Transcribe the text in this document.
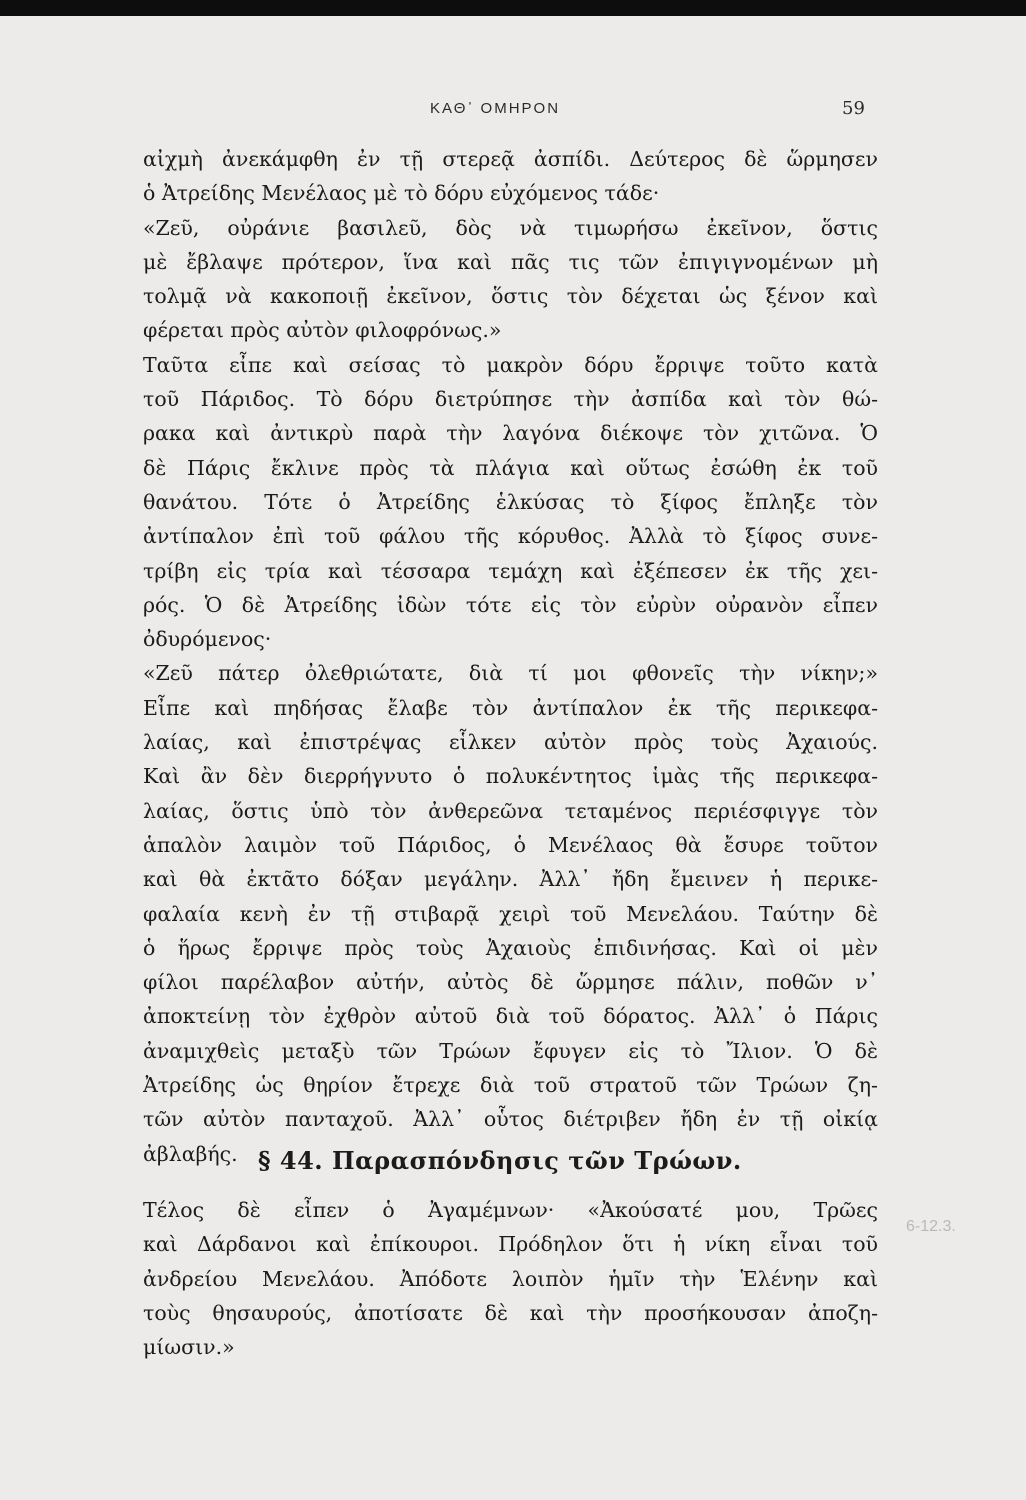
ΚΑΘ᾿ ΟΜΗΡΟΝ	59
αἰχμὴ ἀνεκάμφθη ἐν τῇ στερεᾷ ἀσπίδι. Δεύτερος δὲ ὥρμησεν
ὁ Ἀτρείδης Μενέλαος μὲ τὸ δόρυ εὐχόμενος τάδε·
«Ζεῦ, οὐράνιε βασιλεῦ, δὸς νὰ τιμωρήσω ἐκεῖνον, ὅστις
μὲ ἔβλαψε πρότερον, ἵνα καὶ πᾶς τις τῶν ἐπιγιγνομένων μὴ
τολμᾷ νὰ κακοποιῇ ἐκεῖνον, ὅστις τὸν δέχεται ὡς ξένον καὶ
φέρεται πρὸς αὐτὸν φιλοφρόνως.»
Ταῦτα εἶπε καὶ σείσας τὸ μακρὸν δόρυ ἔρριψε τοῦτο κατὰ
τοῦ Πάριδος. Τὸ δόρυ διετρύπησε τὴν ἀσπίδα καὶ τὸν θώ-
ρακα καὶ ἀντικρὺ παρὰ τὴν λαγόνα διέκοψε τὸν χιτῶνα. Ὁ
δὲ Πάρις ἔκλινε πρὸς τὰ πλάγια καὶ οὕτως ἐσώθη ἐκ τοῦ
θανάτου. Τότε ὁ Ἀτρείδης ἑλκύσας τὸ ξίφος ἔπληξε τὸν
ἀντίπαλον ἐπὶ τοῦ φάλου τῆς κόρυθος. Ἀλλὰ τὸ ξίφος συνε-
τρίβη εἰς τρία καὶ τέσσαρα τεμάχη καὶ ἐξέπεσεν ἐκ τῆς χει-
ρός. Ὁ δὲ Ἀτρείδης ἰδὼν τότε εἰς τὸν εὐρὺν οὐρανὸν εἶπεν
ὀδυρόμενος·
«Ζεῦ πάτερ ὀλεθριώτατε, διὰ τί μοι φθονεῖς τὴν νίκην;»
Εἶπε καὶ πηδήσας ἔλαβε τὸν ἀντίπαλον ἐκ τῆς περικεφα-
λαίας, καὶ ἐπιστρέψας εἷλκεν αὐτὸν πρὸς τοὺς Ἀχαιούς.
Καὶ ἂν δὲν διερρήγνυτο ὁ πολυκέντητος ἱμὰς τῆς περικεφα-
λαίας, ὅστις ὑπὸ τὸν ἀνθερεῶνα τεταμένος περιέσφιγγε τὸν
ἁπαλὸν λαιμὸν τοῦ Πάριδος, ὁ Μενέλαος θὰ ἔσυρε τοῦτον
καὶ θὰ ἐκτᾶτο δόξαν μεγάλην. Ἀλλ᾿ ἤδη ἔμεινεν ἡ περικε-
φαλαία κενὴ ἐν τῇ στιβαρᾷ χειρὶ τοῦ Μενελάου. Ταύτην δὲ
ὁ ἥρως ἔρριψε πρὸς τοὺς Ἀχαιοὺς ἐπιδινήσας. Καὶ οἱ μὲν
φίλοι παρέλαβον αὐτήν, αὐτὸς δὲ ὥρμησε πάλιν, ποθῶν ν᾿
ἀποκτείνῃ τὸν ἐχθρὸν αὐτοῦ διὰ τοῦ δόρατος. Ἀλλ᾿ ὁ Πάρις
ἀναμιχθεὶς μεταξὺ τῶν Τρώων ἔφυγεν εἰς τὸ Ἴλιον. Ὁ δὲ
Ἀτρείδης ὡς θηρίον ἔτρεχε διὰ τοῦ στρατοῦ τῶν Τρώων ζη-
τῶν αὐτὸν πανταχοῦ. Ἀλλ᾿ οὗτος διέτριβεν ἤδη ἐν τῇ οἰκίᾳ
ἀβλαβής. § 44. Παρασπόνδησις τῶν Τρώων.
Τέλος δὲ εἶπεν ὁ Ἀγαμέμνων· «Ἀκούσατέ μου, Τρῶες
καὶ Δάρδανοι καὶ ἐπίκουροι. Πρόδηλον ὅτι ἡ νίκη εἶναι τοῦ
ἀνδρείου Μενελάου. Ἀπόδοτε λοιπὸν ἡμῖν τὴν Ἑλένην καὶ
τοὺς θησαυρούς, ἀποτίσατε δὲ καὶ τὴν προσήκουσαν ἀποζη-
μίωσιν.»
6-12.3.
